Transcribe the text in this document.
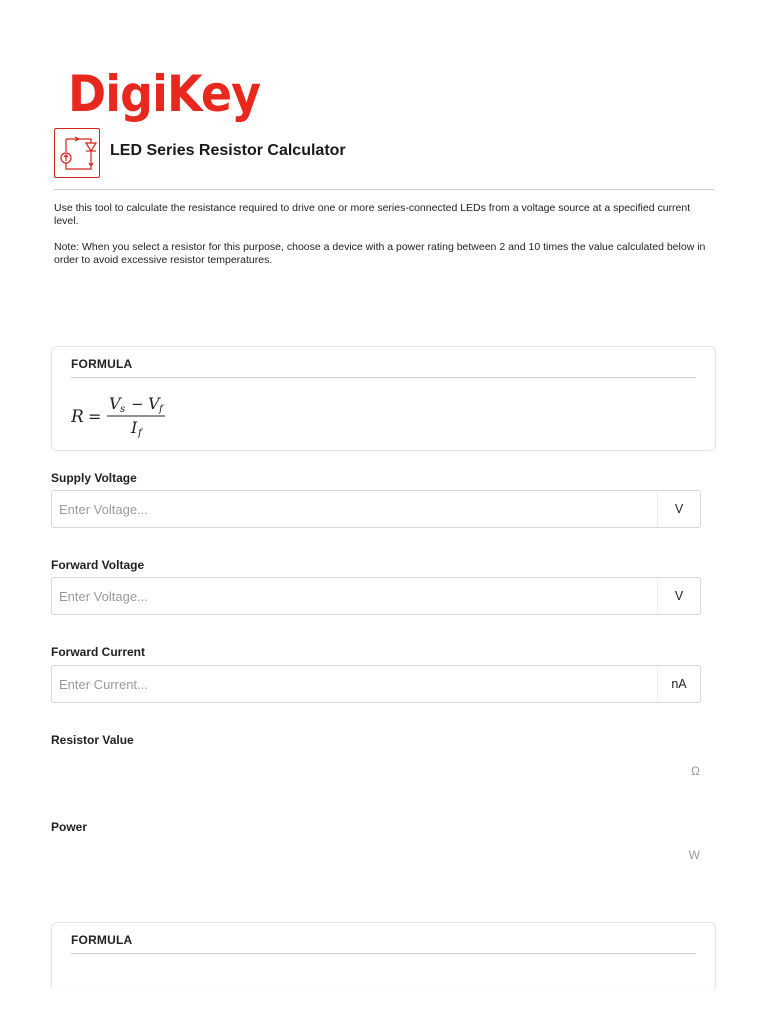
DigiKey
LED Series Resistor Calculator

Use this tool to calculate the resistance required to drive one or more series-connected LEDs from a voltage source at a specified current level.

Note: When you select a resistor for this purpose, choose a device with a power rating between 2 and 10 times the value calculated below in order to avoid excessive resistor temperatures.

FORMULA
R =
V s − V f
I f
Supply Voltage
Enter Voltage...
V
Forward Voltage
Enter Voltage...
V
Forward Current
Enter Current...
nA
Resistor Value
Ω
Power
W
FORMULA
